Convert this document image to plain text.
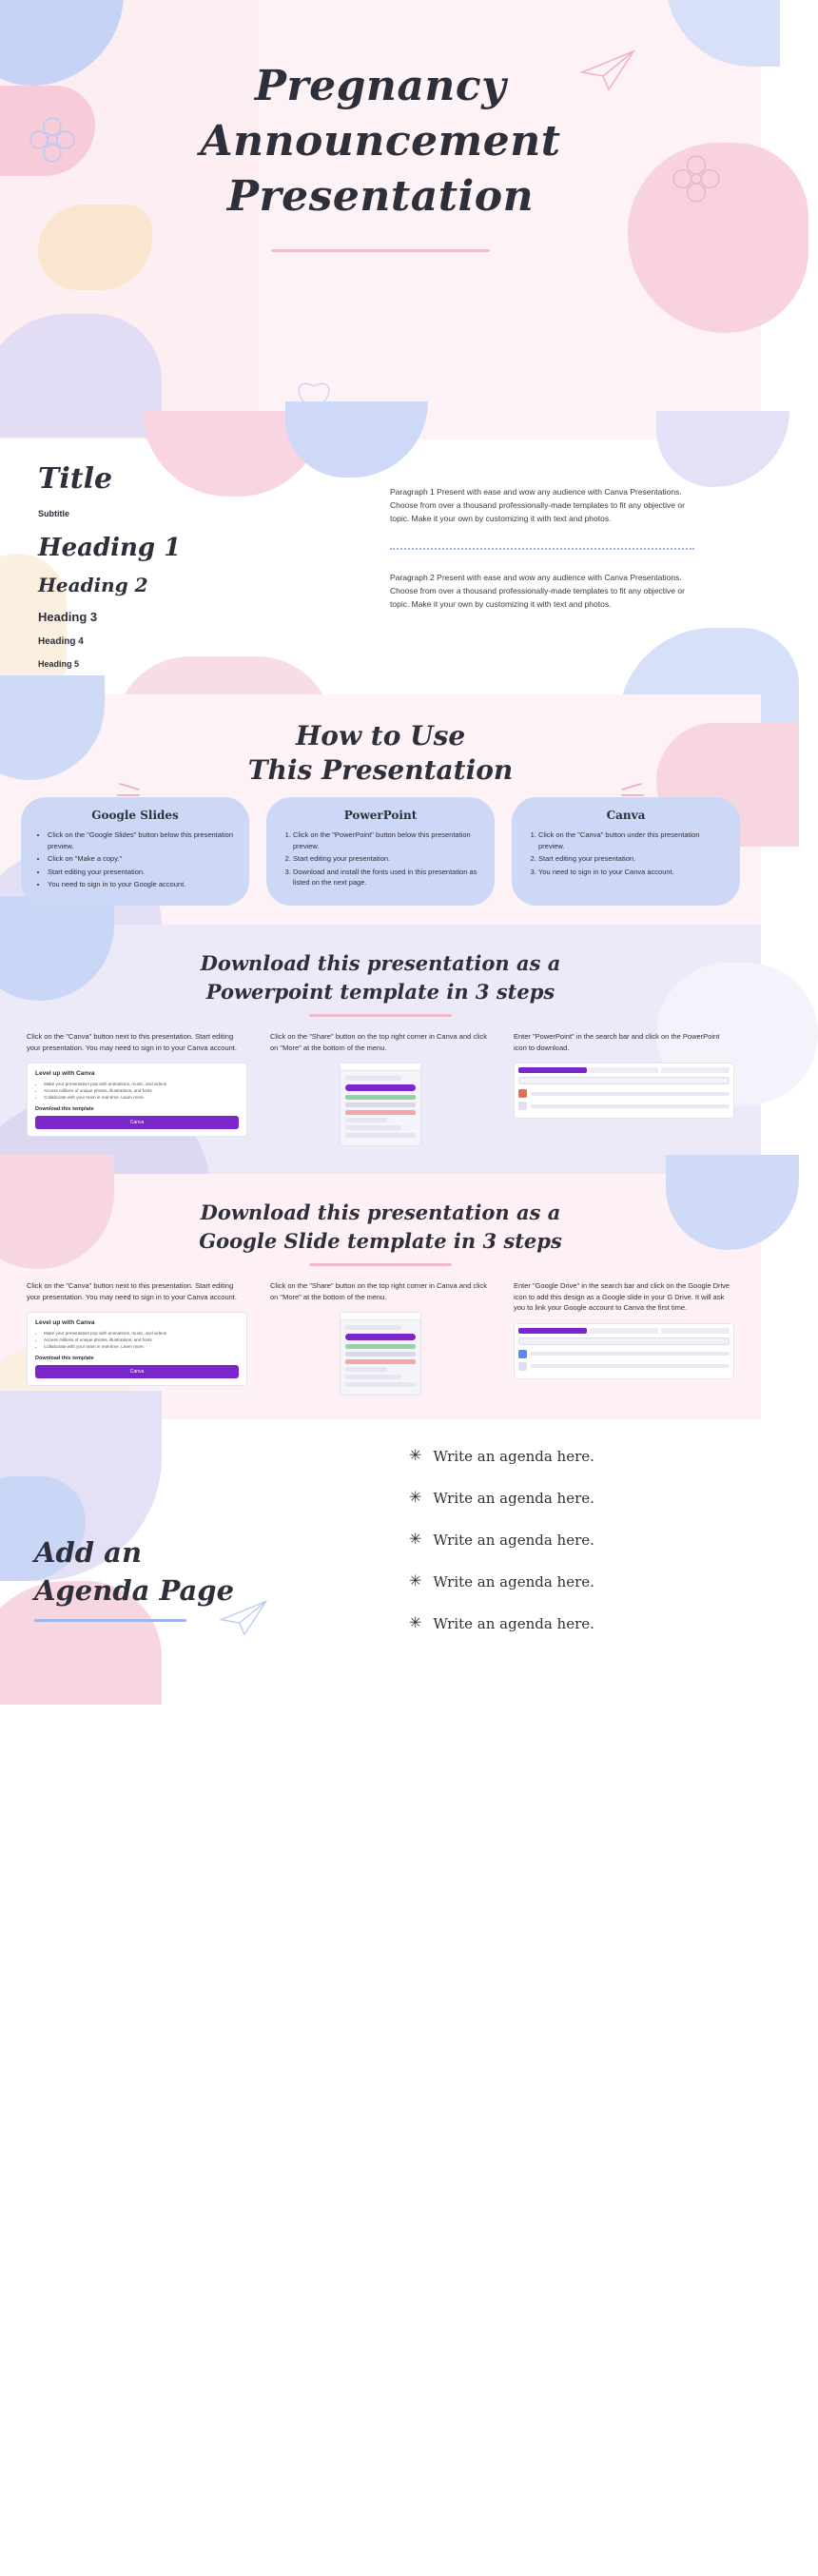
Pregnancy
Announcement
Presentation
Title
Subtitle
Heading 1
Heading 2
Heading 3
Heading 4
Heading 5
Paragraph 1 Present with ease and wow any audience with Canva Presentations. Choose from over a thousand professionally-made templates to fit any objective or topic. Make it your own by customizing it with text and photos.
Paragraph 2 Present with ease and wow any audience with Canva Presentations. Choose from over a thousand professionally-made templates to fit any objective or topic. Make it your own by customizing it with text and photos.
How to Use
This Presentation
Google Slides
• Click on the "Google Slides" button below this presentation preview.
• Click on "Make a copy."
• Start editing your presentation.
• You need to sign in to your Google account.
PowerPoint
1. Click on the "PowerPoint" button below this presentation preview.
2. Start editing your presentation.
3. Download and install the fonts used in this presentation as listed on the next page.
Canva
1. Click on the "Canva" button under this presentation preview.
2. Start editing your presentation.
3. You need to sign in to your Canva account.
Download this presentation as a
Powerpoint template in 3 steps

Click on the "Canva" button next to this presentation. Start editing your presentation. You may need to sign in to your Canva account.

Level up with Canva
• Make your presentation pop with animations, music, and videos
• Access millions of unique photos, illustrations, and fonts
• Collaborate with your team in real-time. Learn more.
Download this template
Canva

Click on the "Share" button on the top right corner in Canva and click on "More" at the bottom of the menu.

Enter "PowerPoint" in the search bar and click on the PowerPoint icon to download.

Download this presentation as a
Google Slide template in 3 steps

Click on the "Canva" button next to this presentation. Start editing your presentation. You may need to sign in to your Canva account.

Level up with Canva
• Make your presentation pop with animations, music, and videos
• Access millions of unique photos, illustrations, and fonts
• Collaborate with your team in real-time. Learn more.
Download this template
Canva

Click on the "Share" button on the top right corner in Canva and click on "More" at the bottom of the menu.

Enter "Google Drive" in the search bar and click on the Google Drive icon to add this design as a Google slide in your G Drive. It will ask you to link your Google account to Canva the first time.

Add an
Agenda Page
✳ Write an agenda here.
✳ Write an agenda here.
✳ Write an agenda here.
✳ Write an agenda here.
✳ Write an agenda here.
